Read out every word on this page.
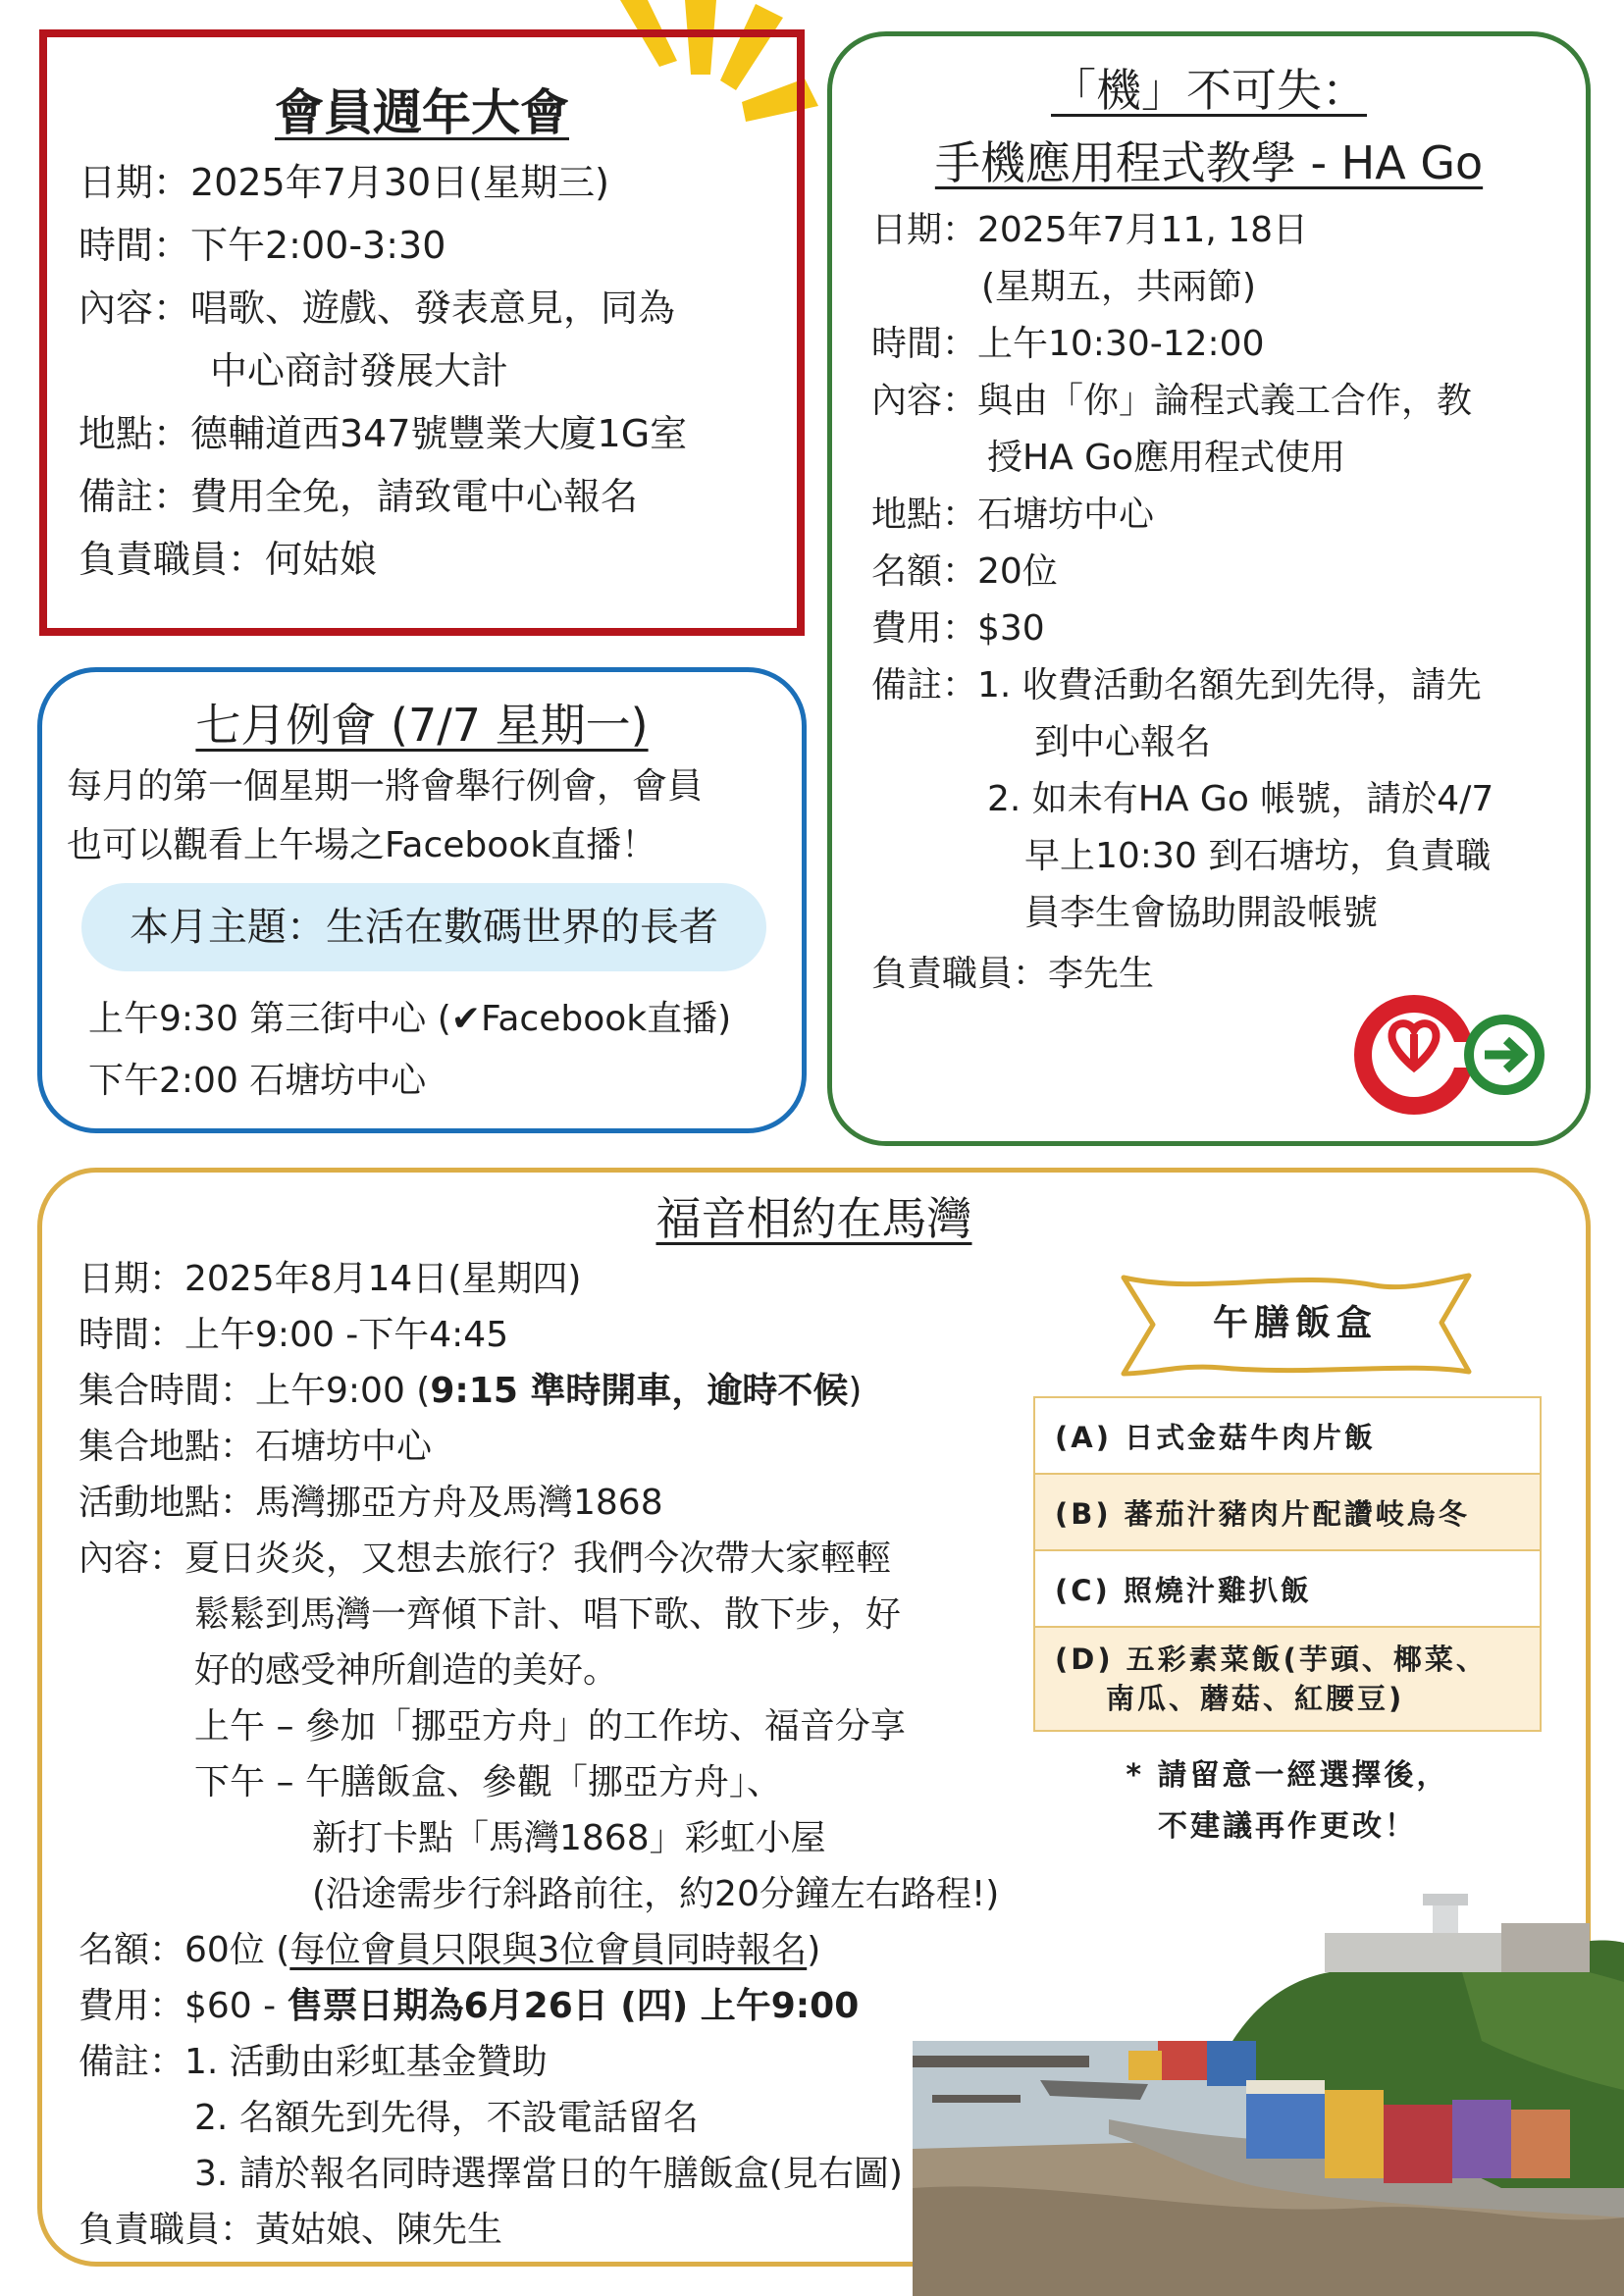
會員週年大會
日期：2025年7月30日(星期三)
時間：下午2:00-3:30
內容：唱歌、遊戲、發表意見，同為
中心商討發展大計
地點：德輔道西347號豐業大廈1G室
備註：費用全免，請致電中心報名
負責職員：何姑娘
七月例會 (7/7 星期一)
每月的第一個星期一將會舉行例會，會員
也可以觀看上午場之Facebook直播！
本月主題：生活在數碼世界的長者
上午9:30 第三街中心 (✔Facebook直播)
下午2:00 石塘坊中心
「機」不可失：
手機應用程式教學 - HA Go
日期：2025年7月11, 18日
(星期五，共兩節)
時間：上午10:30-12:00
內容：與由「你」論程式義工合作，教
授HA Go應用程式使用
地點：石塘坊中心
名額：20位
費用：$30
備註：1. 收費活動名額先到先得，請先
到中心報名
2. 如未有HA Go 帳號，請於4/7
早上10:30 到石塘坊，負責職
員李生會協助開設帳號
負責職員：李先生
福音相約在馬灣
日期：2025年8月14日(星期四)
時間：上午9:00 -下午4:45
集合時間：上午9:00 (9:15 準時開車，逾時不候)
集合地點：石塘坊中心
活動地點：馬灣挪亞方舟及馬灣1868
內容：夏日炎炎，又想去旅行？我們今次帶大家輕輕
鬆鬆到馬灣一齊傾下計、唱下歌、散下步，好
好的感受神所創造的美好。
上午 – 參加「挪亞方舟」的工作坊、福音分享
下午 – 午膳飯盒、參觀「挪亞方舟」、
新打卡點「馬灣1868」彩虹小屋
(沿途需步行斜路前往，約20分鐘左右路程!)
名額：60位 (每位會員只限與3位會員同時報名)
費用：$60 - 售票日期為6月26日 (四) 上午9:00
備註：1. 活動由彩虹基金贊助
2. 名額先到先得，不設電話留名
3. 請於報名同時選擇當日的午膳飯盒(見右圖)
負責職員：黃姑娘、陳先生
午膳飯盒
(A) 日式金菇牛肉片飯
(B) 蕃茄汁豬肉片配讚岐烏冬
(C) 照燒汁雞扒飯
(D) 五彩素菜飯(芋頭、椰菜、
南瓜、蘑菇、紅腰豆)
* 請留意一經選擇後，
不建議再作更改！
